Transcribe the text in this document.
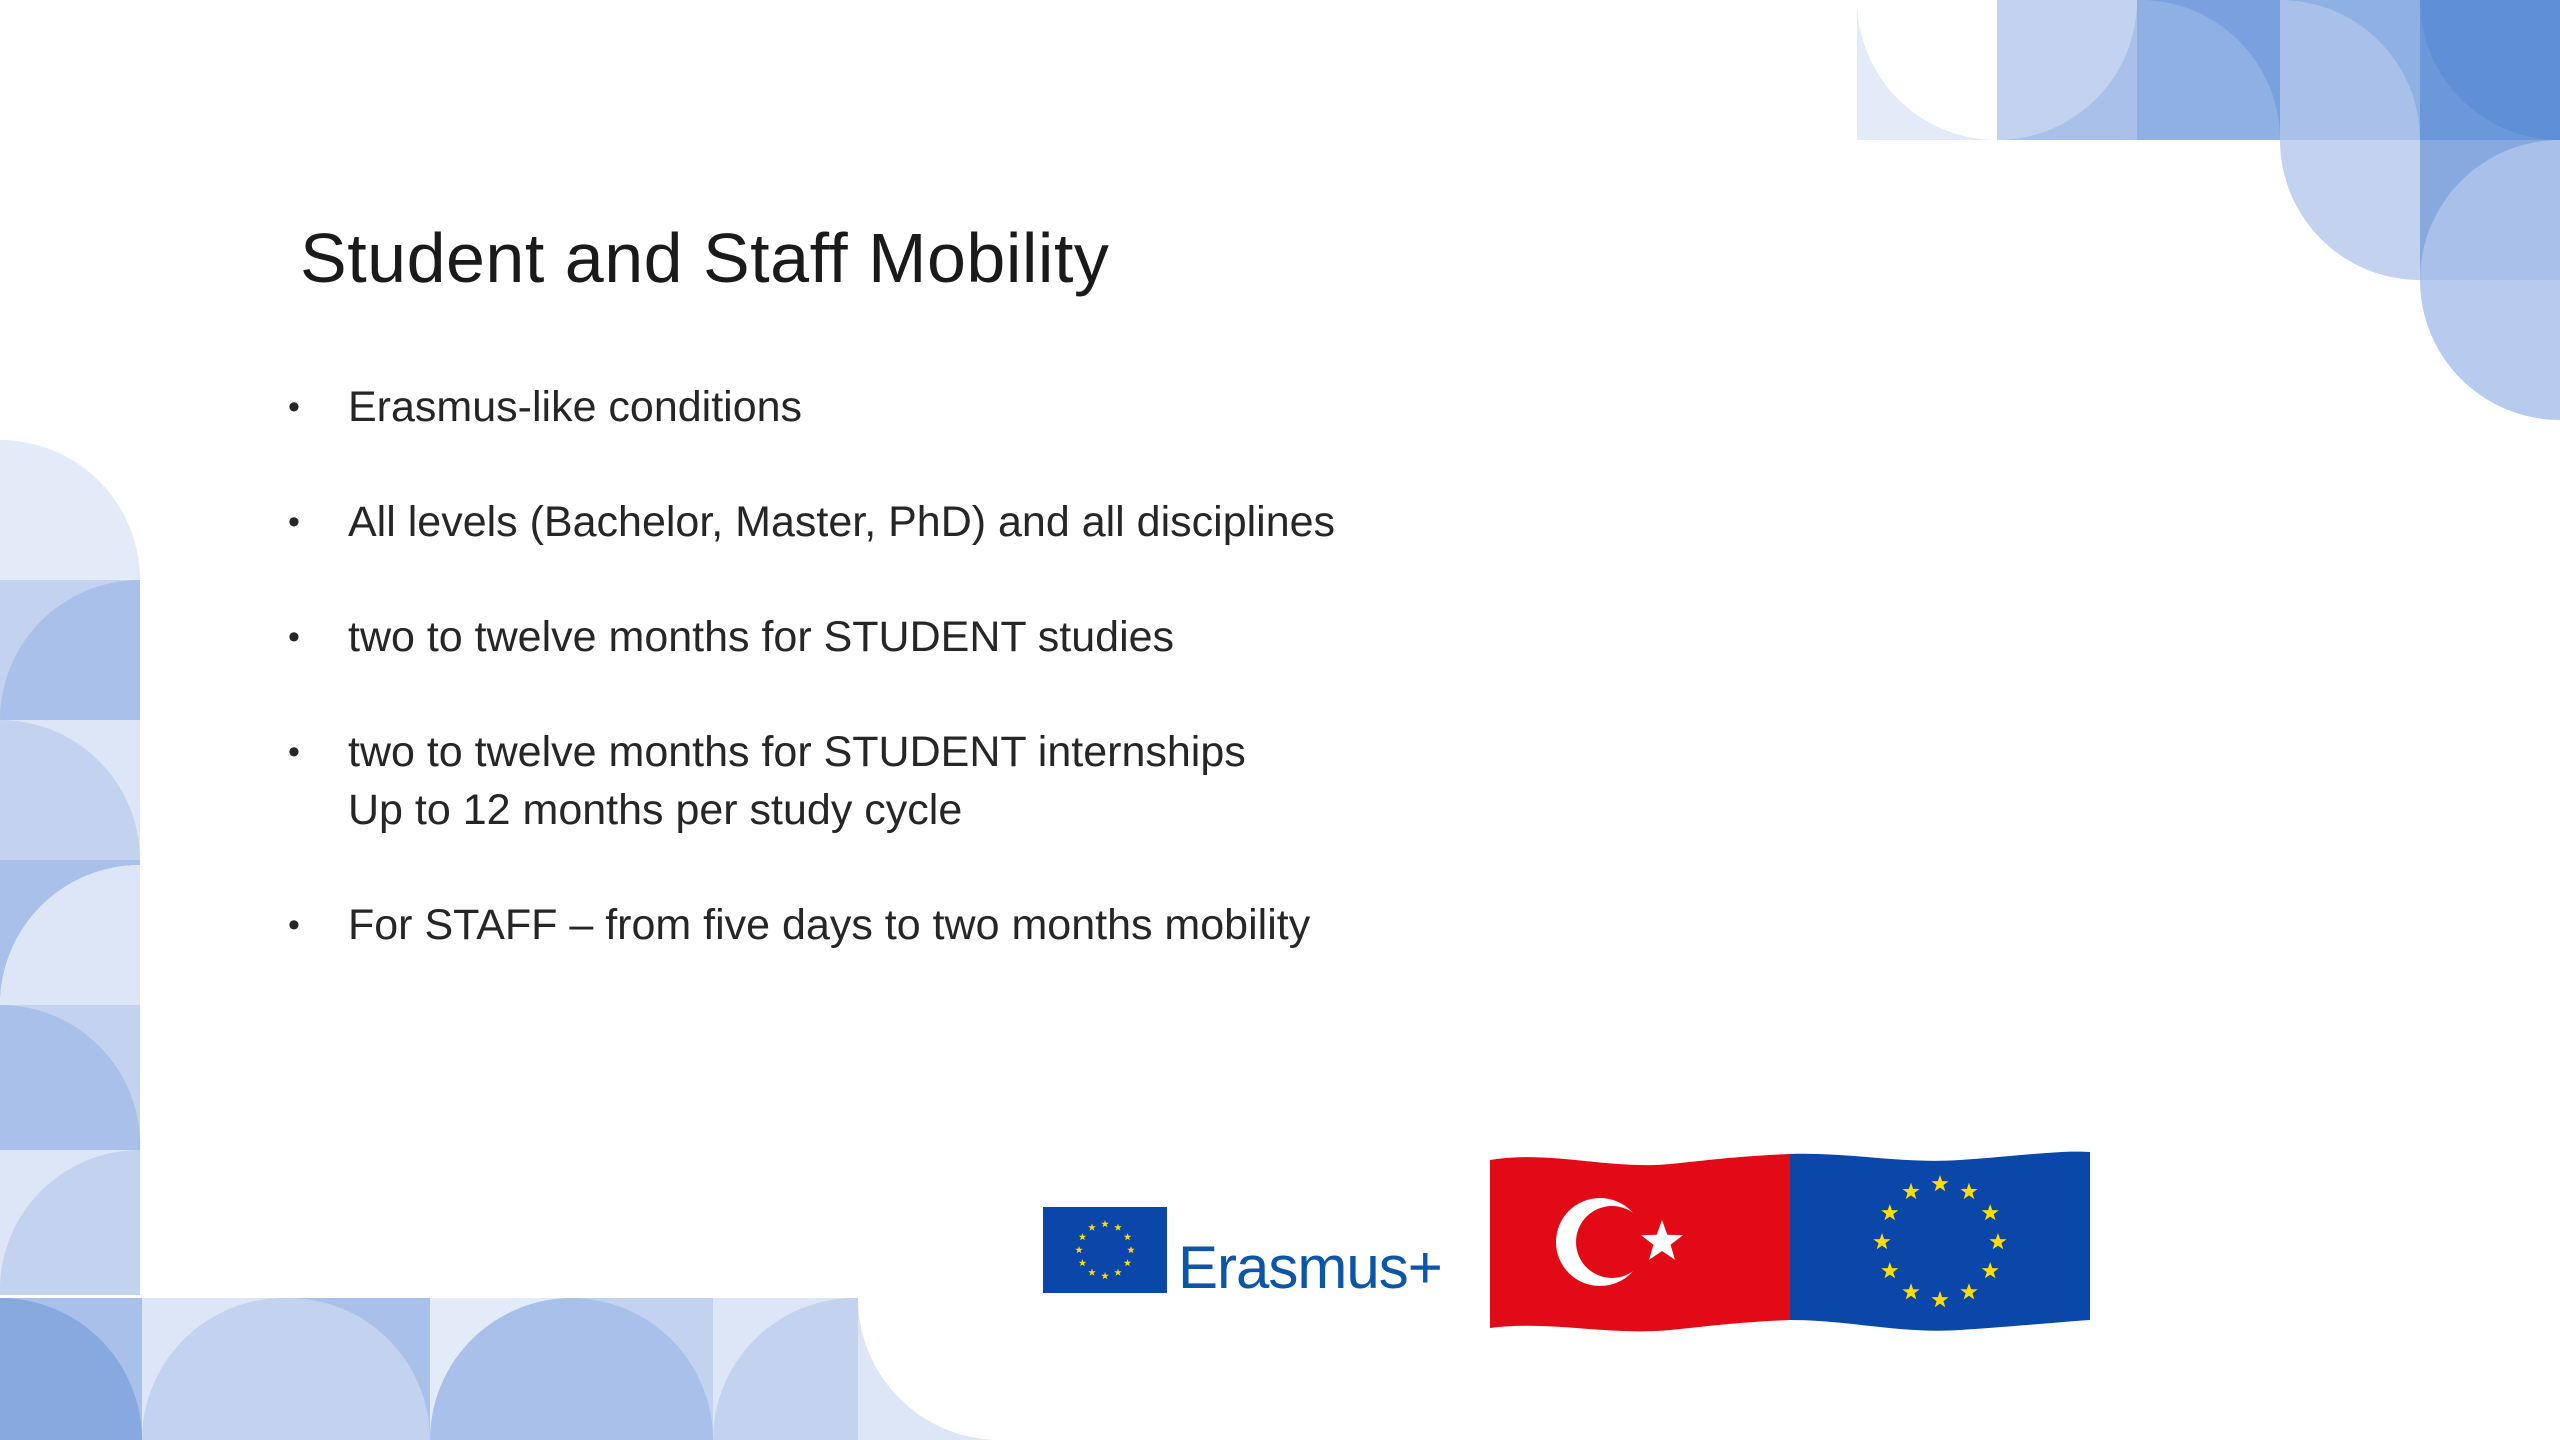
Student and Staff Mobility
• Erasmus-like conditions
• All levels (Bachelor, Master, PhD) and all disciplines
• two to twelve months for STUDENT studies
• two to twelve months for STUDENT internships
Up to 12 months per study cycle
• For STAFF – from five days to two months mobility
Erasmus+
